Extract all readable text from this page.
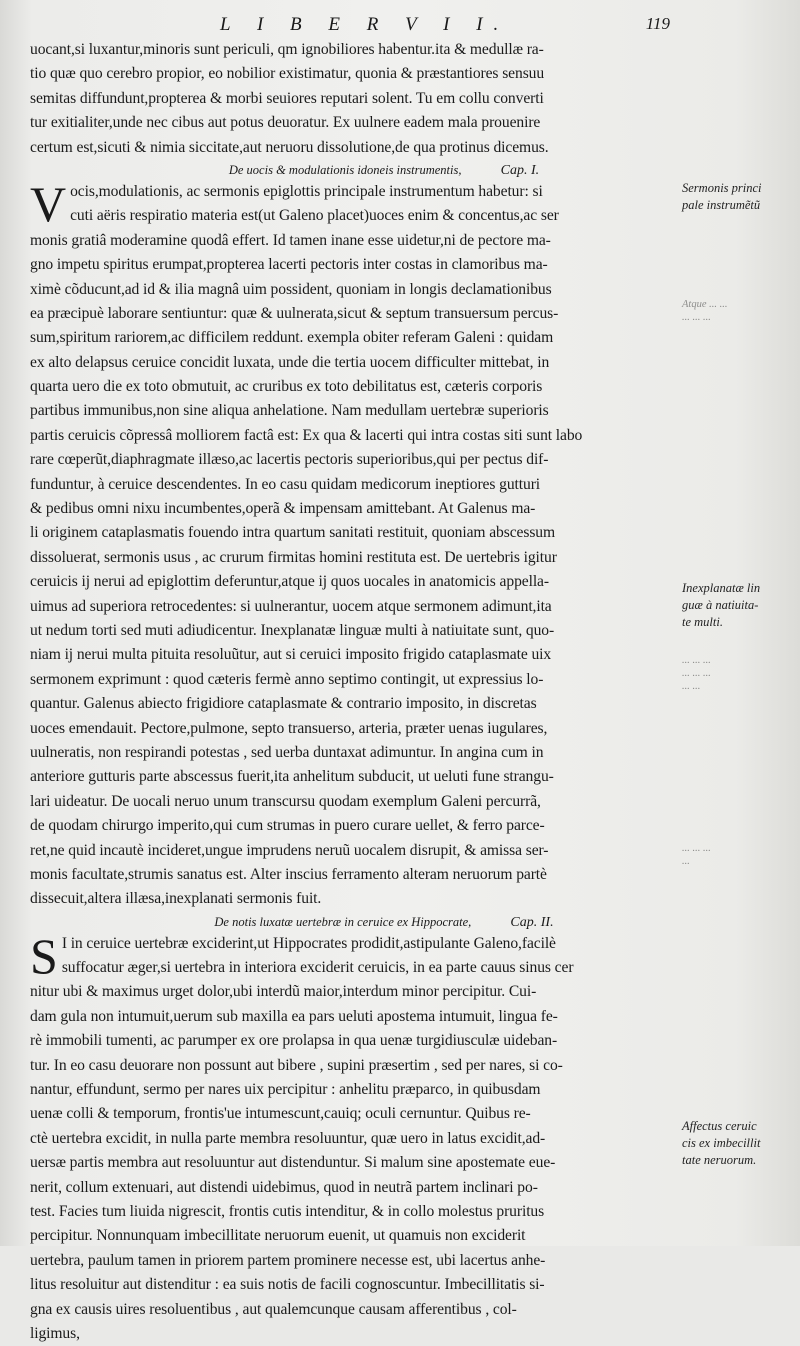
L I B E R V I I.	119
uocant,si luxantur,minoris sunt periculi, qm ignobiliores habentur.ita & medullæ ra-
tio quæ quo cerebro propior, eo nobilior existimatur, quonia & præstantiores sensuu
semitas diffundunt,propterea & morbi seuiores reputari solent. Tu em collu converti
tur exitialiter,unde nec cibus aut potus deuoratur. Ex uulnere eadem mala prouenire
certum est,sicuti & nimia siccitate,aut neruoru dissolutione,de qua protinus dicemus.
De uocis & modulationis idoneis instrumentis,	Cap. I.
V ocis,modulationis, ac sermonis epiglottis principale instrumentum habetur: si
cuti aëris respiratio materia est(ut Galeno placet)uoces enim & concentus,ac ser
monis gratiâ moderamine quodâ effert. Id tamen inane esse uidetur,ni de pectore ma-
gno impetu spiritus erumpat,propterea lacerti pectoris inter costas in clamoribus ma-
ximè cõducunt,ad id & ilia magnâ uim possident, quoniam in longis declamationibus
ea præcipuè laborare sentiuntur: quæ & uulnerata,sicut & septum transuersum percus-
sum,spiritum rariorem,ac difficilem reddunt. exempla obiter referam Galeni : quidam
ex alto delapsus ceruice concidit luxata, unde die tertia uocem difficulter mittebat, in
quarta uero die ex toto obmutuit, ac cruribus ex toto debilitatus est, cæteris corporis
partibus immunibus,non sine aliqua anhelatione. Nam medullam uertebræ superioris
partis ceruicis cõpressâ molliorem factâ est: Ex qua & lacerti qui intra costas siti sunt labo
rare cœperũt,diaphragmate illæso,ac lacertis pectoris superioribus,qui per pectus dif-
funduntur, à ceruice descendentes. In eo casu quidam medicorum ineptiores gutturi
& pedibus omni nixu incumbentes,operã & impensam amittebant. At Galenus ma-
li originem cataplasmatis fouendo intra quartum sanitati restituit, quoniam abscessum
dissoluerat, sermonis usus , ac crurum firmitas homini restituta est. De uertebris igitur
ceruicis ij nerui ad epiglottim deferuntur,atque ij quos uocales in anatomicis appella-
uimus ad superiora retrocedentes: si uulnerantur, uocem atque sermonem adimunt,ita
ut nedum torti sed muti adiudicentur. Inexplanatæ linguæ multi à natiuitate sunt, quo-
niam ij nerui multa pituita resoluũtur, aut si ceruici imposito frigido cataplasmate uix
sermonem exprimunt : quod cæteris fermè anno septimo contingit, ut expressius lo-
quantur. Galenus abiecto frigidiore cataplasmate & contrario imposito, in discretas
uoces emendauit. Pectore,pulmone, septo transuerso, arteria, præter uenas iugulares,
uulneratis, non respirandi potestas , sed uerba duntaxat adimuntur. In angina cum in
anteriore gutturis parte abscessus fuerit,ita anhelitum subducit, ut ueluti fune strangu-
lari uideatur. De uocali neruo unum transcursu quodam exemplum Galeni percurrã,
de quodam chirurgo imperito,qui cum strumas in puero curare uellet, & ferro parce-
ret,ne quid incautè incideret,ungue imprudens neruũ uocalem disrupit, & amissa ser-
monis facultate,strumis sanatus est. Alter inscius ferramento alteram neruorum partè
dissecuit,altera illæsa,inexplanati sermonis fuit.
De notis luxatæ uertebræ in ceruice ex Hippocrate,	Cap. II.
S I in ceruice uertebræ exciderint,ut Hippocrates prodidit,astipulante Galeno,facilè
suffocatur æger,si uertebra in interiora exciderit ceruicis, in ea parte cauus sinus cer
nitur ubi & maximus urget dolor,ubi interdũ maior,interdum minor percipitur. Cui-
dam gula non intumuit,uerum sub maxilla ea pars ueluti apostema intumuit, lingua fe-
rè immobili tumenti, ac parumper ex ore prolapsa in qua uenæ turgidiusculæ uideban-
tur. In eo casu deuorare non possunt aut bibere , supini præsertim , sed per nares, si co-
nantur, effundunt, sermo per nares uix percipitur : anhelitu præparco, in quibusdam
uenæ colli & temporum, frontis'ue intumescunt,cauiq; oculi cernuntur. Quibus re-
ctè uertebra excidit, in nulla parte membra resoluuntur, quæ uero in latus excidit,ad-
uersæ partis membra aut resoluuntur aut distenduntur. Si malum sine apostemate eue-
nerit, collum extenuari, aut distendi uidebimus, quod in neutrã partem inclinari po-
test. Facies tum liuida nigrescit, frontis cutis intenditur, & in collo molestus pruritus
percipitur. Nonnunquam imbecillitate neruorum euenit, ut quamuis non exciderit
uertebra, paulum tamen in priorem partem prominere necesse est, ubi lacertus anhe-
litus resoluitur aut distenditur : ea suis notis de facili cognoscuntur. Imbecillitatis si-
gna ex causis uires resoluentibus , aut qualemcunque causam afferentibus , col-
ligimus,
Sermonis princi
pale instrumẽtũ
Atque ... ...
... ... ...
Inexplanatæ lin
guæ à natiuita-
te multi.
... ... ...
... ... ...
... ...
... ... ...
...
Affectus ceruic
cis ex imbecillit
tate neruorum.
